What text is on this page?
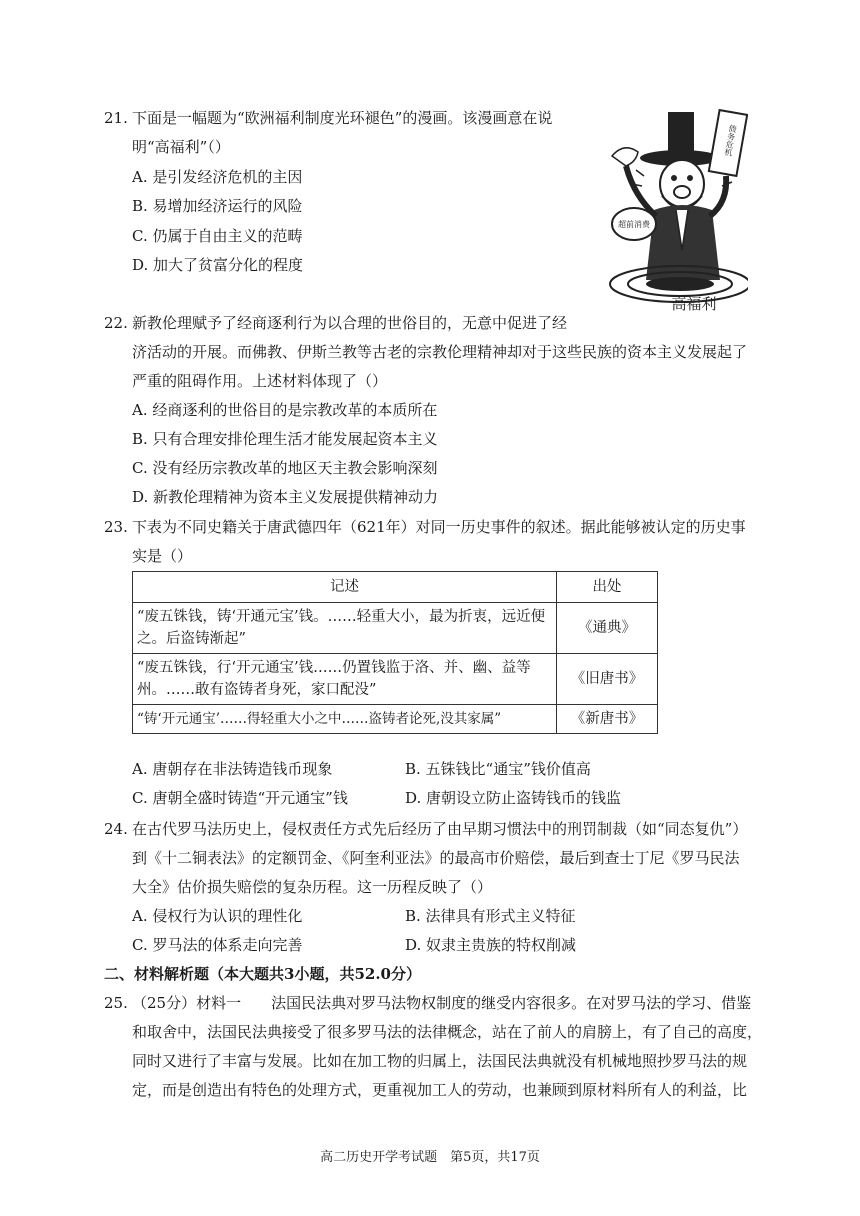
21. 下面是一幅题为“欧洲福利制度光环褪色”的漫画。该漫画意在说
明“高福利”（）
A. 是引发经济危机的主因
B. 易增加经济运行的风险
C. 仍属于自由主义的范畴
D. 加大了贫富分化的程度
超前消费
债务危机
高福利
22. 新教伦理赋予了经商逐利行为以合理的世俗目的，无意中促进了经
济活动的开展。而佛教、伊斯兰教等古老的宗教伦理精神却对于这些民族的资本主义发展起了
严重的阻碍作用。上述材料体现了（）
A. 经商逐利的世俗目的是宗教改革的本质所在
B. 只有合理安排伦理生活才能发展起资本主义
C. 没有经历宗教改革的地区天主教会影响深刻
D. 新教伦理精神为资本主义发展提供精神动力
23. 下表为不同史籍关于唐武德四年（621年）对同一历史事件的叙述。据此能够被认定的历史事
实是（）
记述	出处
“废五铢钱，铸‘开通元宝’钱。……轻重大小，最为折衷，远近便之。后盗铸渐起”	《通典》
“废五铢钱，行‘开元通宝’钱……仍置钱监于洛、并、幽、益等州。……敢有盗铸者身死，家口配没”	《旧唐书》
“铸‘开元通宝’……得轻重大小之中……盗铸者论死,没其家属”	《新唐书》
A. 唐朝存在非法铸造钱币现象	B. 五铢钱比“通宝”钱价值高
C. 唐朝全盛时铸造“开元通宝”钱	D. 唐朝设立防止盗铸钱币的钱监
24. 在古代罗马法历史上，侵权责任方式先后经历了由早期习惯法中的刑罚制裁（如“同态复仇”）
到《十二铜表法》的定额罚金、《阿奎利亚法》的最高市价赔偿，最后到查士丁尼《罗马民法
大全》估价损失赔偿的复杂历程。这一历程反映了（）
A. 侵权行为认识的理性化	B. 法律具有形式主义特征
C. 罗马法的体系走向完善	D. 奴隶主贵族的特权削减
二、材料解析题（本大题共3小题，共52.0分）
25. （25分）材料一　　法国民法典对罗马法物权制度的继受内容很多。在对罗马法的学习、借鉴
和取舍中，法国民法典接受了很多罗马法的法律概念，站在了前人的肩膀上，有了自己的高度，
同时又进行了丰富与发展。比如在加工物的归属上，法国民法典就没有机械地照抄罗马法的规
定，而是创造出有特色的处理方式，更重视加工人的劳动，也兼顾到原材料所有人的利益，比
高二历史开学考试题　第5页，共17页
